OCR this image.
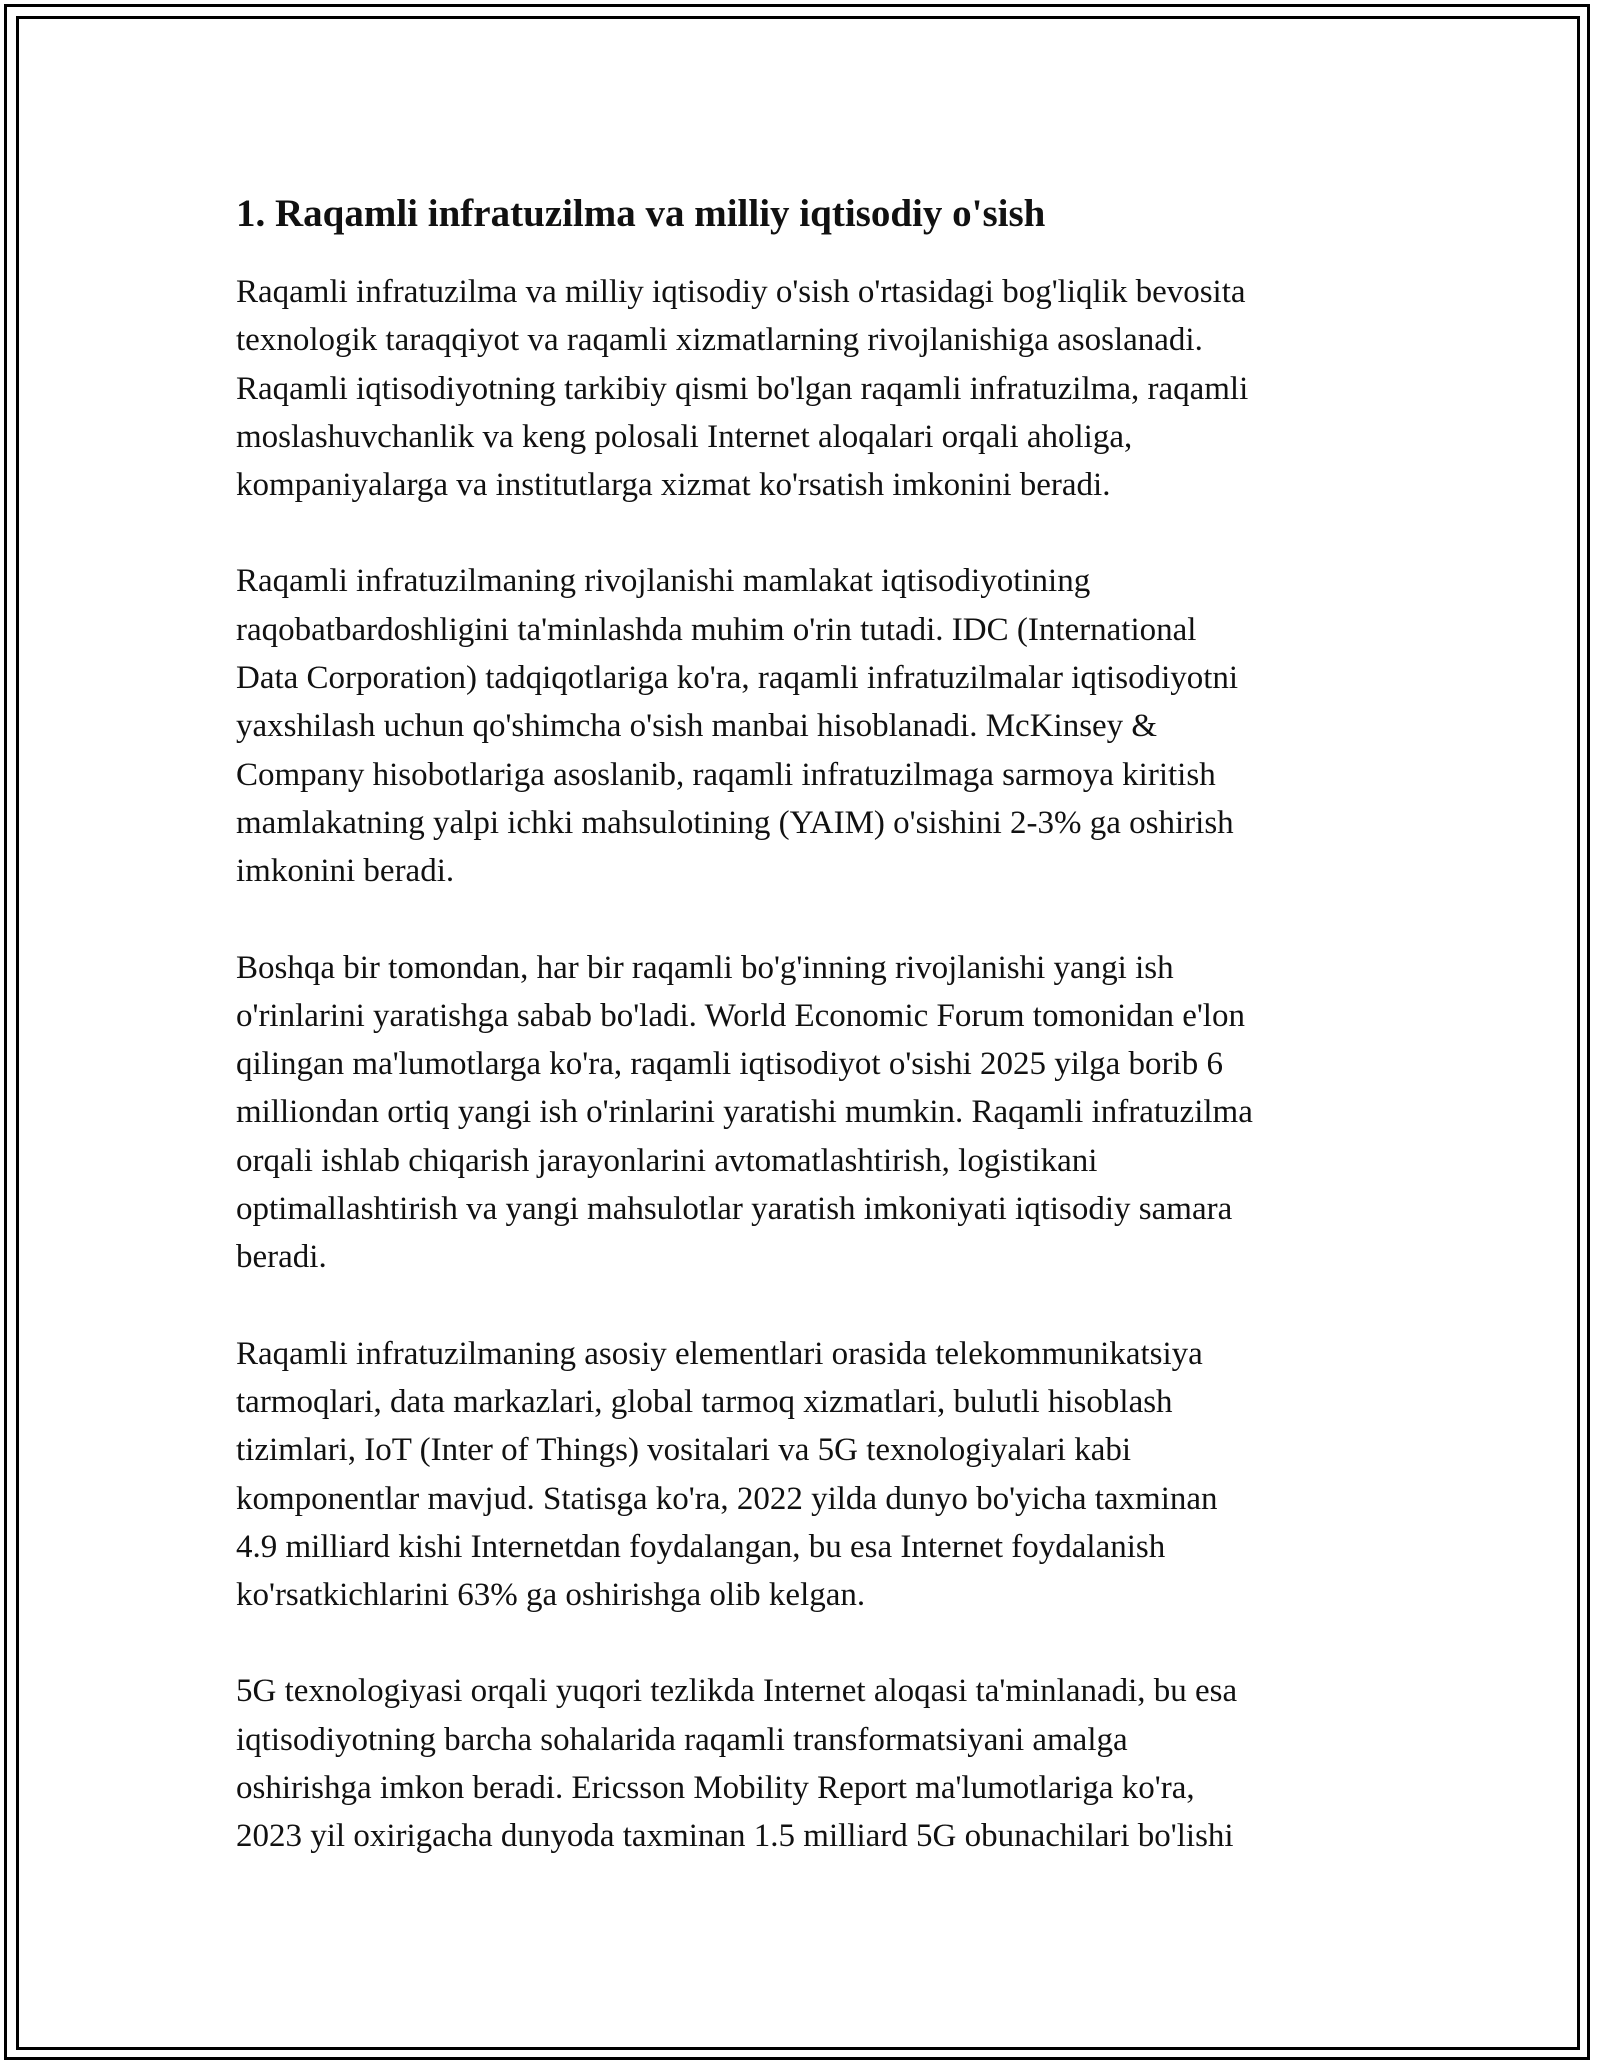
1. Raqamli infratuzilma va milliy iqtisodiy o'sish

Raqamli infratuzilma va milliy iqtisodiy o'sish o'rtasidagi bog'liqlik bevosita
texnologik taraqqiyot va raqamli xizmatlarning rivojlanishiga asoslanadi.
Raqamli iqtisodiyotning tarkibiy qismi bo'lgan raqamli infratuzilma, raqamli
moslashuvchanlik va keng polosali Internet aloqalari orqali aholiga,
kompaniyalarga va institutlarga xizmat ko'rsatish imkonini beradi.

Raqamli infratuzilmaning rivojlanishi mamlakat iqtisodiyotining
raqobatbardoshligini ta'minlashda muhim o'rin tutadi. IDC (International
Data Corporation) tadqiqotlariga ko'ra, raqamli infratuzilmalar iqtisodiyotni
yaxshilash uchun qo'shimcha o'sish manbai hisoblanadi. McKinsey &
Company hisobotlariga asoslanib, raqamli infratuzilmaga sarmoya kiritish
mamlakatning yalpi ichki mahsulotining (YAIM) o'sishini 2-3% ga oshirish
imkonini beradi.

Boshqa bir tomondan, har bir raqamli bo'g'inning rivojlanishi yangi ish
o'rinlarini yaratishga sabab bo'ladi. World Economic Forum tomonidan e'lon
qilingan ma'lumotlarga ko'ra, raqamli iqtisodiyot o'sishi 2025 yilga borib 6
milliondan ortiq yangi ish o'rinlarini yaratishi mumkin. Raqamli infratuzilma
orqali ishlab chiqarish jarayonlarini avtomatlashtirish, logistikani
optimallashtirish va yangi mahsulotlar yaratish imkoniyati iqtisodiy samara
beradi.

Raqamli infratuzilmaning asosiy elementlari orasida telekommunikatsiya
tarmoqlari, data markazlari, global tarmoq xizmatlari, bulutli hisoblash
tizimlari, IoT (Inter of Things) vositalari va 5G texnologiyalari kabi
komponentlar mavjud. Statisga ko'ra, 2022 yilda dunyo bo'yicha taxminan
4.9 milliard kishi Internetdan foydalangan, bu esa Internet foydalanish
ko'rsatkichlarini 63% ga oshirishga olib kelgan.

5G texnologiyasi orqali yuqori tezlikda Internet aloqasi ta'minlanadi, bu esa
iqtisodiyotning barcha sohalarida raqamli transformatsiyani amalga
oshirishga imkon beradi. Ericsson Mobility Report ma'lumotlariga ko'ra,
2023 yil oxirigacha dunyoda taxminan 1.5 milliard 5G obunachilari bo'lishi
